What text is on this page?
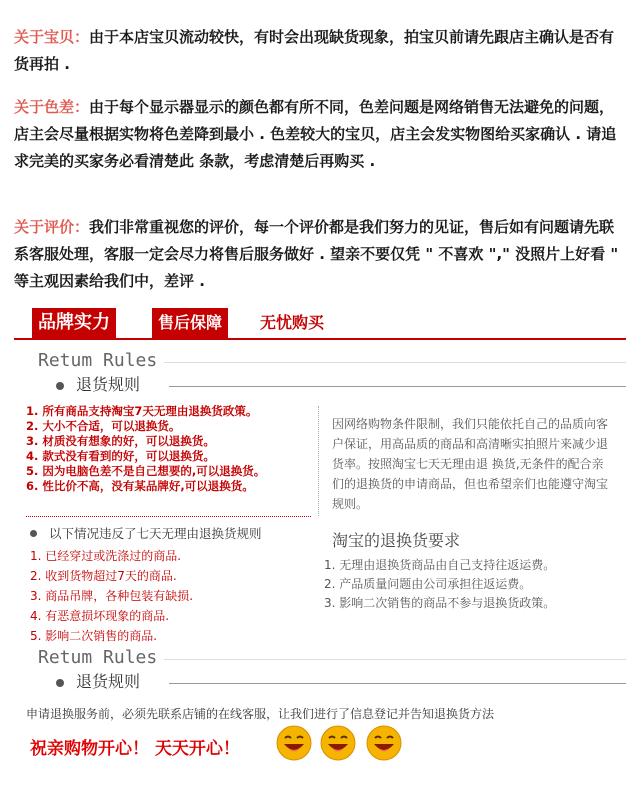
关于宝贝：由于本店宝贝流动较快，有时会出现缺货现象，拍宝贝前请先跟店主确认是否有货再拍 .
关于色差：由于每个显示器显示的颜色都有所不同，色差问题是网络销售无法避免的问题，店主会尽量根据实物将色差降到最小 . 色差较大的宝贝，店主会发实物图给买家确认 . 请追求完美的买家务必看清楚此 条款，考虑清楚后再购买 .
关于评价：我们非常重视您的评价，每一个评价都是我们努力的见证，售后如有问题请先联系客服处理，客服一定会尽力将售后服务做好 . 望亲不要仅凭 " 不喜欢 "," 没照片上好看 " 等主观因素给我们中，差评 .
品牌实力	售后保障	无忧购买
Retum Rules
退货规则
1. 所有商品支持淘宝7天无理由退换货政策。
2. 大小不合适，可以退换货。
3. 材质没有想象的好，可以退换货。
4. 款式没有看到的好，可以退换货。
5. 因为电脑色差不是自己想要的,可以退换货。
6. 性比价不高，没有某品牌好,可以退换货。
因网络购物条件限制，我们只能依托自己的品质向客户保证，用高品质的商品和高清晰实拍照片来减少退货率。按照淘宝七天无理由退 换货,无条件的配合亲们的退换货的申请商品，但也希望亲们也能遵守淘宝规则。
以下情况违反了七天无理由退换货规则
1. 已经穿过或洗涤过的商品.
2. 收到货物超过7天的商品.
3. 商品吊牌，各种包装有缺损.
4. 有恶意损坏现象的商品.
5. 影响二次销售的商品.
淘宝的退换货要求
1. 无理由退换货商品由自己支持往返运费。
2. 产品质量问题由公司承担往返运费。
3. 影响二次销售的商品不参与退换货政策。
Retum Rules
退货规则
申请退换服务前，必须先联系店铺的在线客服，让我们进行了信息登记并告知退换货方法
祝亲购物开心！ 天天开心！
